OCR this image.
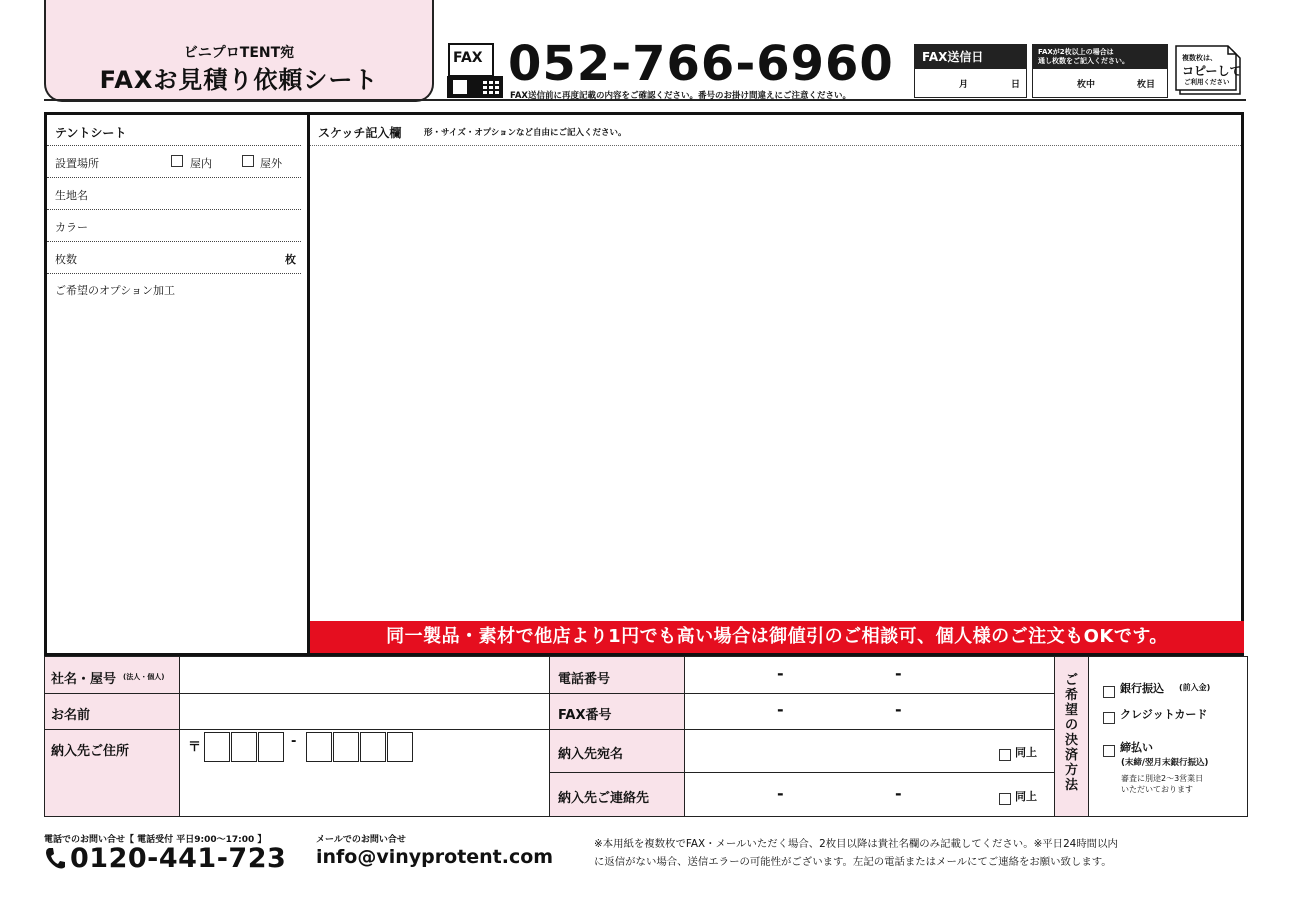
ビニプロTENT宛
FAXお見積り依頼シート
FAX 052-766-6960
FAX送信前に再度記載の内容をご確認ください。番号のお掛け間違えにご注意ください。
FAX送信日
月	日
FAXが2枚以上の場合は
通し枚数をご記入ください。
枚中	枚目
複数枚は、
コピーして
ご利用ください
テントシート
設置場所	屋内	屋外
生地名
カラー
枚数	枚
ご希望のオプション加工
スケッチ記入欄	形・サイズ・オプションなど自由にご記入ください。
同一製品・素材で他店より1円でも高い場合は御値引のご相談可、個人様のご注文もOKです。
社名・屋号 (法人・個人)
お名前
納入先ご住所	〒	-
電話番号	-	-
FAX番号	-	-
納入先宛名	同上
納入先ご連絡先	-	-	同上
ご希望の決済方法
銀行振込 (前入金)
クレジットカード
締払い
(末締/翌月末銀行振込)
審査に別途2〜3営業日
いただいております
電話でのお問い合せ【 電話受付 平日9:00〜17:00 】
0120-441-723
メールでのお問い合せ
info@vinyprotent.com
※本用紙を複数枚でFAX・メールいただく場合、2枚目以降は貴社名欄のみ記載してください。※平日24時間以内
に返信がない場合、送信エラーの可能性がございます。左記の電話またはメールにてご連絡をお願い致します。
